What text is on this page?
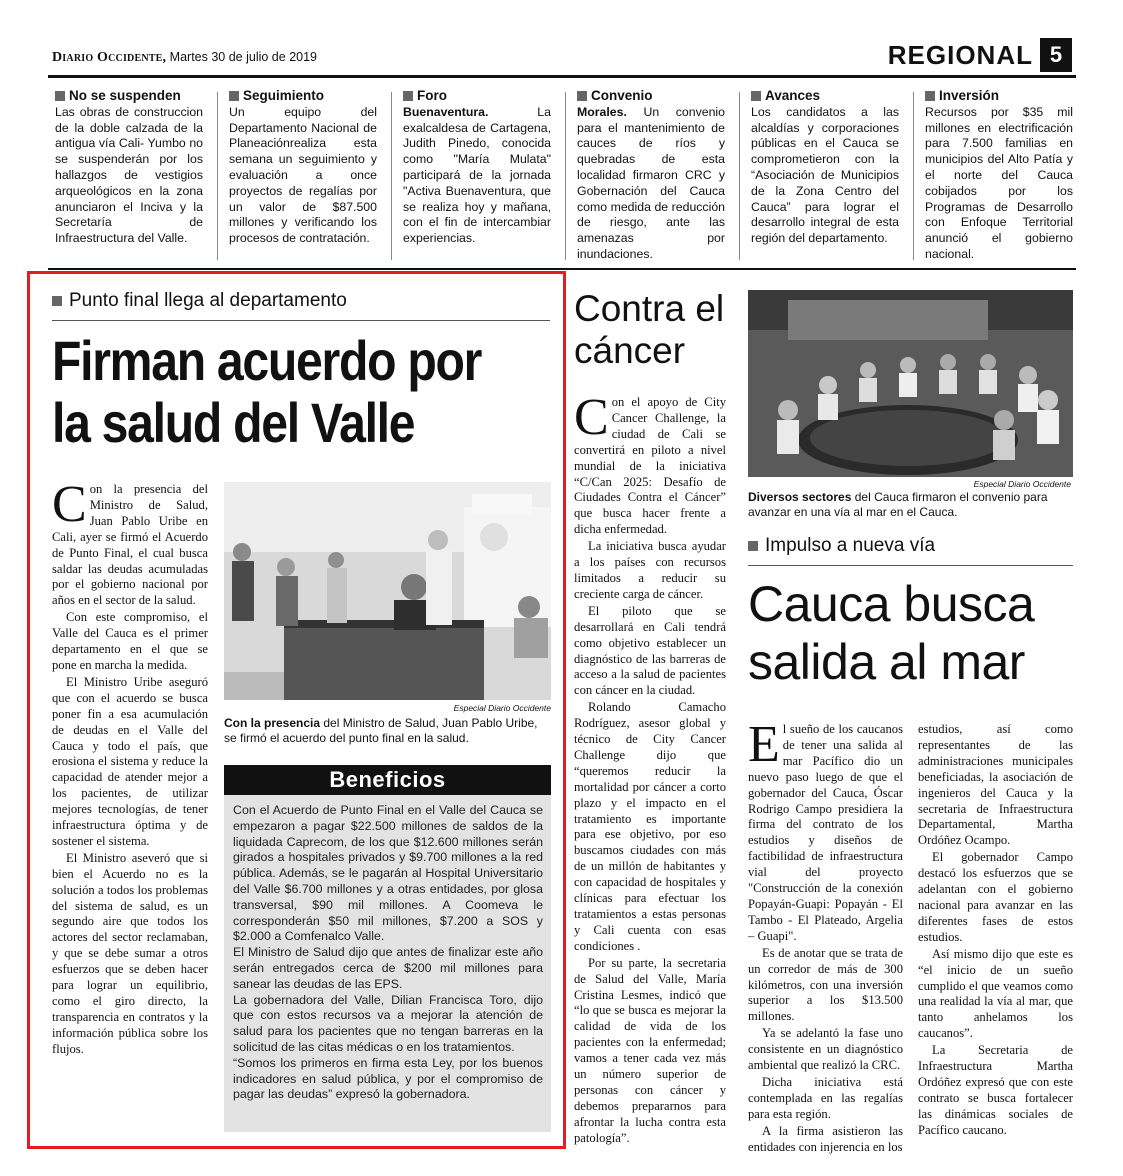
Diario Occidente, Martes 30 de julio de 2019	REGIONAL 5
No se suspenden
Las obras de construccion de la doble calzada de la antigua vía Cali- Yumbo no se suspenderán por los hallazgos de vestigios arqueológicos en la zona anunciaron el Inciva y la Secretaría de Infraestructura del Valle.
Seguimiento
Un equipo del Departamento Nacional de Planeaciónrealiza esta semana un seguimiento y evaluación a once proyectos de regalías por un valor de $87.500 millones y verificando los procesos de contratación.
Foro
Buenaventura. La exalcaldesa de Cartagena, Judith Pinedo, conocida como "María Mulata" participará de la jornada "Activa Buenaventura, que se realiza hoy y mañana, con el fin de intercambiar experiencias.
Convenio
Morales. Un convenio para el mantenimiento de cauces de ríos y quebradas de esta localidad firmaron CRC y Gobernación del Cauca como medida de reducción de riesgo, ante las amenazas por inundaciones.
Avances
Los candidatos a las alcaldías y corporaciones públicas en el Cauca se comprometieron con la “Asociación de Municipios de la Zona Centro del Cauca” para lograr el desarrollo integral de esta región del departamento.
Inversión
Recursos por $35 mil millones en electrificación para 7.500 familias en municipios del Alto Patía y el norte del Cauca cobijados por los Programas de Desarrollo con Enfoque Territorial anunció el gobierno nacional.
Punto final llega al departamento
Firman acuerdo por la salud del Valle

Con la presencia del Ministro de Salud, Juan Pablo Uribe en Cali, ayer se firmó el Acuerdo de Punto Final, el cual busca saldar las deudas acumuladas por el gobierno nacional por años en el sector de la salud.

Con este compromiso, el Valle del Cauca es el primer departamento en el que se pone en marcha la medida.

El Ministro Uribe aseguró que con el acuerdo se busca poner fin a esa acumulación de deudas en el Valle del Cauca y todo el país, que erosiona el sistema y reduce la capacidad de atender mejor a los pacientes, de utilizar mejores tecnologías, de tener infraestructura óptima y de sostener el sistema.

El Ministro aseveró que si bien el Acuerdo no es la solución a todos los problemas del sistema de salud, es un segundo aire que todos los actores del sector reclamaban, y que se debe sumar a otros esfuerzos que se deben hacer para lograr un equilibrio, como el giro directo, la transparencia en contratos y la información pública sobre los flujos.

Especial Diario Occidente
Con la presencia del Ministro de Salud, Juan Pablo Uribe, se firmó el acuerdo del punto final en la salud.
Beneficios

Con el Acuerdo de Punto Final en el Valle del Cauca se empezaron a pagar $22.500 millones de saldos de la liquidada Caprecom, de los que $12.600 millones serán girados a hospitales privados y $9.700 millones a la red pública. Además, se le pagarán al Hospital Universitario del Valle $6.700 millones y a otras entidades, por glosa transversal, $90 mil millones. A Coomeva le corresponderán $50 mil millones, $7.200 a SOS y $2.000 a Comfenalco Valle.

El Ministro de Salud dijo que antes de finalizar este año serán entregados cerca de $200 mil millones para sanear las deudas de las EPS.

La gobernadora del Valle, Dilian Francisca Toro, dijo que con estos recursos va a mejorar la atención de salud para los pacientes que no tengan barreras en la solicitud de las citas médicas o en los tratamientos.

“Somos los primeros en firma esta Ley, por los buenos indicadores en salud pública, y por el compromiso de pagar las deudas” expresó la gobernadora.

Contra el cáncer

Con el apoyo de City Cancer Challenge, la ciudad de Cali se convertirá en piloto a nivel mundial de la iniciativa “C/Can 2025: Desafío de Ciudades Contra el Cáncer” que busca hacer frente a dicha enfermedad.

La iniciativa busca ayudar a los países con recursos limitados a reducir su creciente carga de cáncer.

El piloto que se desarrollará en Cali tendrá como objetivo establecer un diagnóstico de las barreras de acceso a la salud de pacientes con cáncer en la ciudad.

Rolando Camacho Rodríguez, asesor global y técnico de City Cancer Challenge dijo que “queremos reducir la mortalidad por cáncer a corto plazo y el impacto en el tratamiento es importante para ese objetivo, por eso buscamos ciudades con más de un millón de habitantes y con capacidad de hospitales y clínicas para efectuar los tratamientos a estas personas y Cali cuenta con esas condiciones .

Por su parte, la secretaria de Salud del Valle, María Cristina Lesmes, indicó que “lo que se busca es mejorar la calidad de vida de los pacientes con la enfermedad; vamos a tener cada vez más un número superior de personas con cáncer y debemos prepararnos para afrontar la lucha contra esta patología”.

Especial Diario Occidente
Diversos sectores del Cauca firmaron el convenio para avanzar en una vía al mar en el Cauca.
Impulso a nueva vía
Cauca busca salida al mar

El sueño de los caucanos de tener una salida al mar Pacífico dio un nuevo paso luego de que el gobernador del Cauca, Óscar Rodrigo Campo presidiera la firma del contrato de los estudios y diseños de factibilidad de infraestructura vial del proyecto "Construcción de la conexión Popayán-Guapi: Popayán - El Tambo - El Plateado, Argelia – Guapi".

Es de anotar que se trata de un corredor de más de 300 kilómetros, con una inversión superior a los $13.500 millones.

Ya se adelantó la fase uno consistente en un diagnóstico ambiental que realizó la CRC.

Dicha iniciativa está contemplada en las regalías para esta región.

A la firma asistieron las entidades con injerencia en los

estudios, así como representantes de las administraciones municipales beneficiadas, la asociación de ingenieros del Cauca y la secretaria de Infraestructura Departamental, Martha Ordóñez Ocampo.

El gobernador Campo destacó los esfuerzos que se adelantan con el gobierno nacional para avanzar en las diferentes fases de estos estudios.

Así mismo dijo que este es “el inicio de un sueño cumplido el que veamos como una realidad la vía al mar, que tanto anhelamos los caucanos”.

La Secretaria de Infraestructura Martha Ordóñez expresó que con este contrato se busca fortalecer las dinámicas sociales de Pacífico caucano.
